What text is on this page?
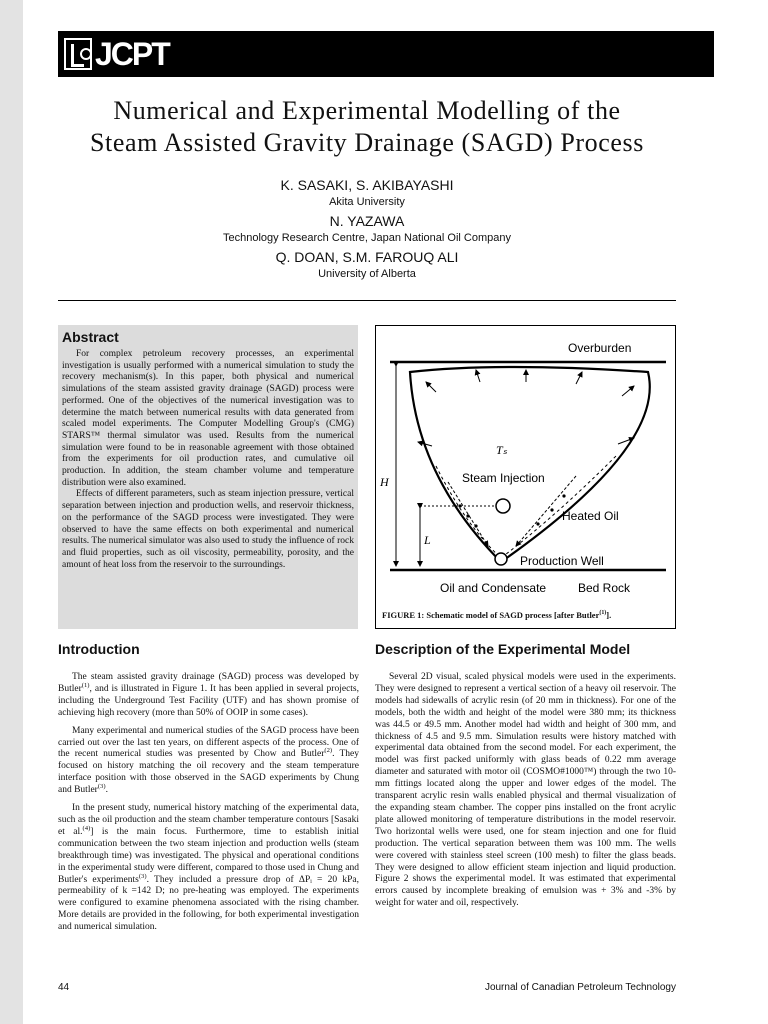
JCPT
Numerical and Experimental Modelling of the
Steam Assisted Gravity Drainage (SAGD) Process
K. SASAKI, S. AKIBAYASHI
Akita University
N. YAZAWA
Technology Research Centre, Japan National Oil Company
Q. DOAN, S.M. FAROUQ ALI
University of Alberta
Abstract

For complex petroleum recovery processes, an experimental investigation is usually performed with a numerical simulation to study the recovery mechanism(s). In this paper, both physical and numerical simulations of the steam assisted gravity drainage (SAGD) process were performed. One of the objectives of the numerical investigation was to determine the match between numerical results with data generated from scaled model experiments. The Computer Modelling Group's (CMG) STARS™ thermal simulator was used. Results from the numerical simulation were found to be in reasonable agreement with those obtained from the experiments for oil production rates, and cumulative oil production. In addition, the steam chamber volume and temperature distribution were also examined.

Effects of different parameters, such as steam injection pressure, vertical separation between injection and production wells, and reservoir thickness, on the performance of the SAGD process were investigated. They were observed to have the same effects on both experimental and numerical results. The numerical simulator was also used to study the influence of rock and fluid properties, such as oil viscosity, permeability, porosity, and the amount of heat loss from the reservoir to the surroundings.

Overburden
Tₛ
Steam Injection
Heated Oil
Production Well
Oil and Condensate	Bed Rock
H
L
FIGURE 1: Schematic model of SAGD process [after Butler$^{(1)}$].
Introduction

The steam assisted gravity drainage (SAGD) process was developed by Butler$^{(1)}$, and is illustrated in Figure 1. It has been applied in several projects, including the Underground Test Facility (UTF) and has shown promise of achieving high recovery (more than 50% of OOIP in some cases).

Many experimental and numerical studies of the SAGD process have been carried out over the last ten years, on different aspects of the process. One of the recent numerical studies was presented by Chow and Butler$^{(2)}$. They focused on history matching the oil recovery and the steam temperature interface position with those observed in the SAGD experiments by Chung and Butler$^{(3)}$.

In the present study, numerical history matching of the experimental data, such as the oil production and the steam chamber temperature contours [Sasaki et al.$^{(4)}$] is the main focus. Furthermore, time to establish initial communication between the two steam injection and production wells (steam breakthrough time) was investigated. The physical and operational conditions in the experimental study were different, compared to those used in Chung and Butler's experiments$^{(3)}$. They included a pressure drop of ΔPᵢ = 20 kPa, permeability of k =142 D; no pre-heating was employed. The experiments were configured to examine phenomena associated with the rising chamber. More details are provided in the following, for both experimental investigation and numerical simulation.

Description of the Experimental Model

Several 2D visual, scaled physical models were used in the experiments. They were designed to represent a vertical section of a heavy oil reservoir. The models had sidewalls of acrylic resin (of 20 mm in thickness). For one of the models, both the width and height of the model were 380 mm; its thickness was 44.5 or 49.5 mm. Another model had width and height of 300 mm, and thickness of 4.5 and 9.5 mm. Simulation results were history matched with experimental data obtained from the second model. For each experiment, the model was first packed uniformly with glass beads of 0.22 mm average diameter and saturated with motor oil (COSMO#1000™) through the two 10-mm fittings located along the upper and lower edges of the model. The transparent acrylic resin walls enabled physical and thermal visualization of the expanding steam chamber. The copper pins installed on the front acrylic plate allowed monitoring of temperature distributions in the model reservoir. Two horizontal wells were used, one for steam injection and one for fluid production. The vertical separation between them was 100 mm. The wells were covered with stainless steel screen (100 mesh) to filter the glass beads. They were designed to allow efficient steam injection and liquid production. Figure 2 shows the experimental model. It was estimated that experimental errors caused by incomplete breaking of emulsion was + 3% and -3% by weight for water and oil, respectively.

44	Journal of Canadian Petroleum Technology
